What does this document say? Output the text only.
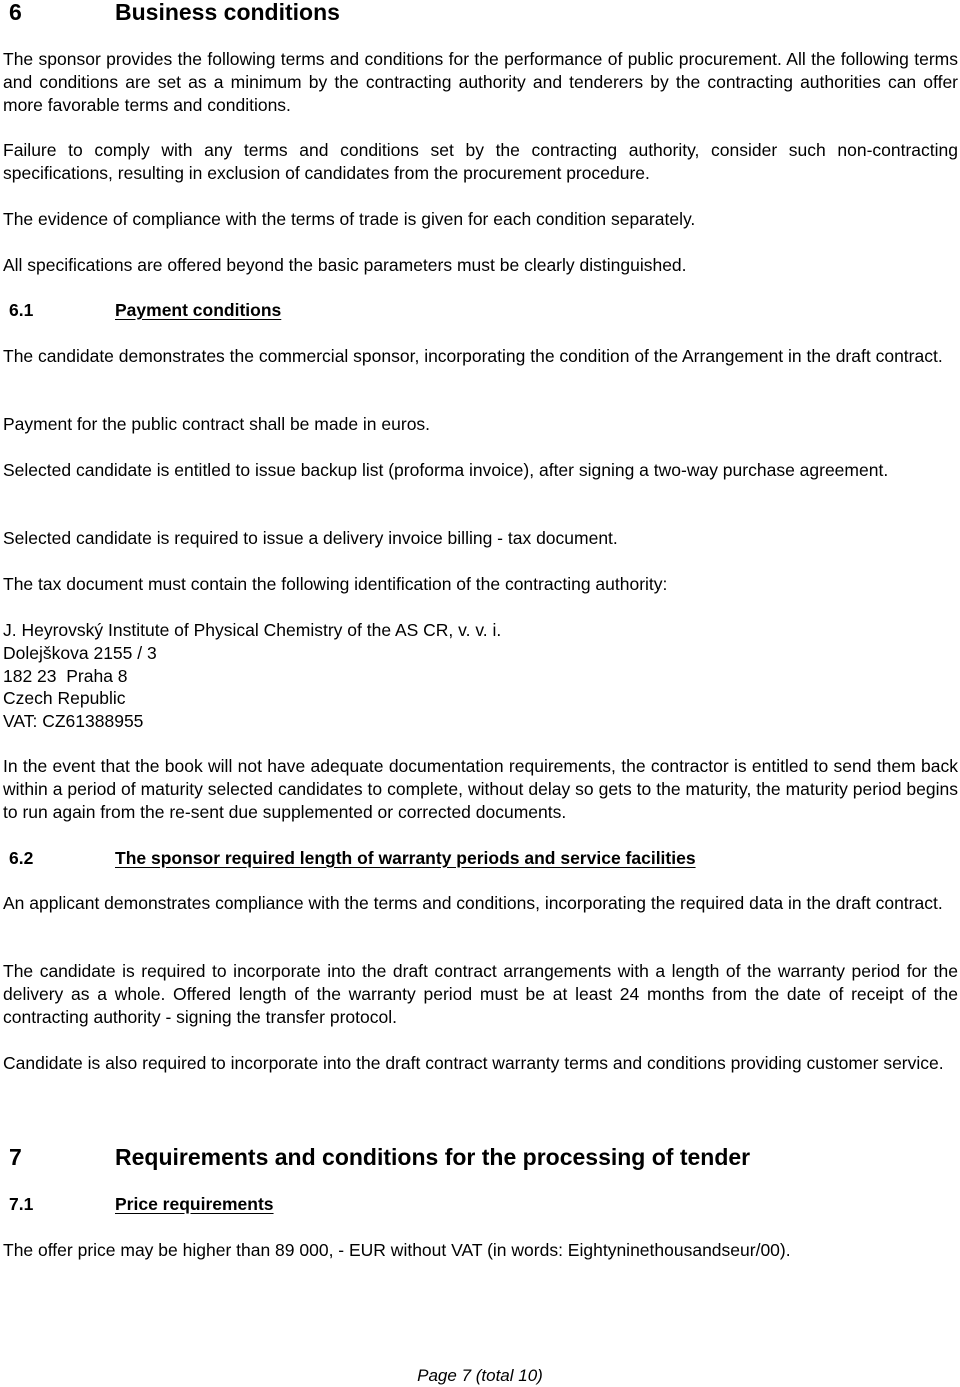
6	Business conditions

The sponsor provides the following terms and conditions for the performance of public procurement. All the following terms and conditions are set as a minimum by the contracting authority and tenderers by the contracting authorities can offer more favorable terms and conditions.

Failure to comply with any terms and conditions set by the contracting authority, consider such non-contracting specifications, resulting in exclusion of candidates from the procurement procedure.

The evidence of compliance with the terms of trade is given for each condition separately.

All specifications are offered beyond the basic parameters must be clearly distinguished.

6.1	Payment conditions

The candidate demonstrates the commercial sponsor, incorporating the condition of the Arrangement in the draft contract.

Payment for the public contract shall be made in euros.

Selected candidate is entitled to issue backup list (proforma invoice), after signing a two-way purchase agreement.

Selected candidate is required to issue a delivery invoice billing - tax document.

The tax document must contain the following identification of the contracting authority:

J. Heyrovský Institute of Physical Chemistry of the AS CR, v. v. i.
Dolejškova 2155 / 3
182 23  Praha 8
Czech Republic
VAT: CZ61388955

In the event that the book will not have adequate documentation requirements, the contractor is entitled to send them back within a period of maturity selected candidates to complete, without delay so gets to the maturity, the maturity period begins to run again from the re-sent due supplemented or corrected documents.

6.2	The sponsor required length of warranty periods and service facilities

An applicant demonstrates compliance with the terms and conditions, incorporating the required data in the draft contract.

The candidate is required to incorporate into the draft contract arrangements with a length of the warranty period for the delivery as a whole. Offered length of the warranty period must be at least 24 months from the date of receipt of the contracting authority - signing the transfer protocol.

Candidate is also required to incorporate into the draft contract warranty terms and conditions providing customer service.

7	Requirements and conditions for the processing of tender
7.1	Price requirements

The offer price may be higher than 89 000, - EUR without VAT (in words: Eightyninethousandseur/00).

Page 7 (total 10)
